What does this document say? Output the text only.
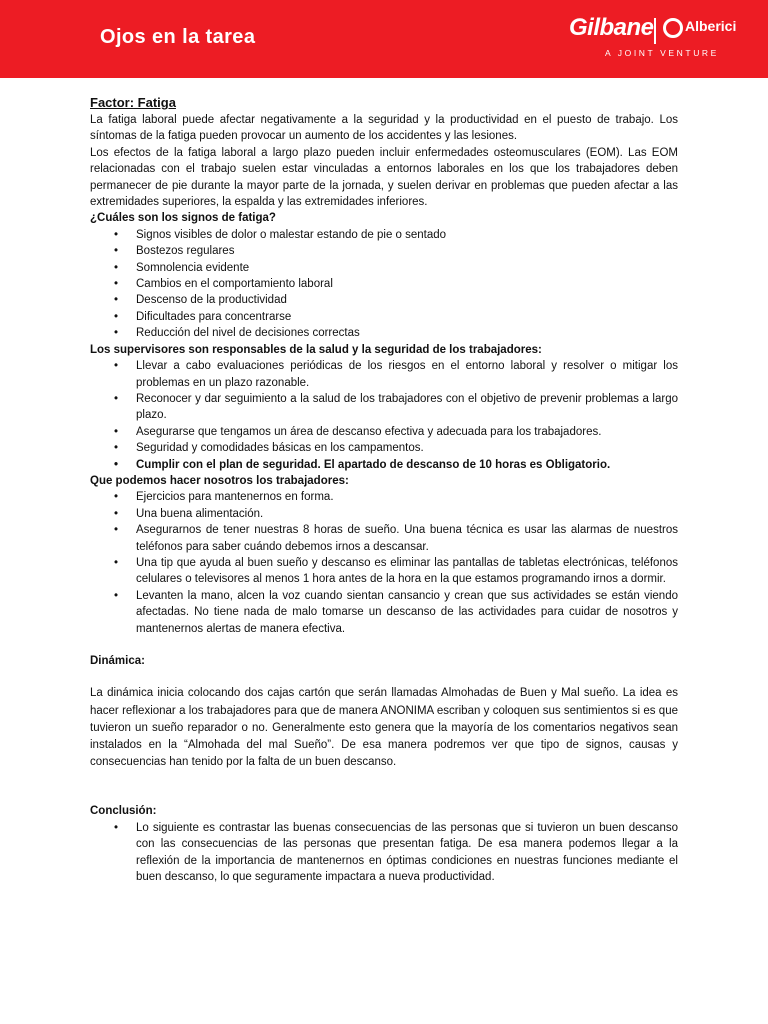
Ojos en la tarea	Gilbane Alberici
A JOINT VENTURE

Factor: Fatiga

La fatiga laboral puede afectar negativamente a la seguridad y la productividad en el puesto de trabajo. Los síntomas de la fatiga pueden provocar un aumento de los accidentes y las lesiones.

Los efectos de la fatiga laboral a largo plazo pueden incluir enfermedades osteomusculares (EOM). Las EOM relacionadas con el trabajo suelen estar vinculadas a entornos laborales en los que los trabajadores deben permanecer de pie durante la mayor parte de la jornada, y suelen derivar en problemas que pueden afectar a las extremidades superiores, la espalda y las extremidades inferiores.

¿Cuáles son los signos de fatiga?

• Signos visibles de dolor o malestar estando de pie o sentado
• Bostezos regulares
• Somnolencia evidente
• Cambios en el comportamiento laboral
• Descenso de la productividad
• Dificultades para concentrarse
• Reducción del nivel de decisiones correctas

Los supervisores son responsables de la salud y la seguridad de los trabajadores:

• Llevar a cabo evaluaciones periódicas de los riesgos en el entorno laboral y resolver o mitigar los problemas en un plazo razonable.
• Reconocer y dar seguimiento a la salud de los trabajadores con el objetivo de prevenir problemas a largo plazo.
• Asegurarse que tengamos un área de descanso efectiva y adecuada para los trabajadores.
• Seguridad y comodidades básicas en los campamentos.
• Cumplir con el plan de seguridad. El apartado de descanso de 10 horas es Obligatorio.

Que podemos hacer nosotros los trabajadores:

• Ejercicios para mantenernos en forma.
• Una buena alimentación.
• Asegurarnos de tener nuestras 8 horas de sueño. Una buena técnica es usar las alarmas de nuestros teléfonos para saber cuándo debemos irnos a descansar.
• Una tip que ayuda al buen sueño y descanso es eliminar las pantallas de tabletas electrónicas, teléfonos celulares o televisores al menos 1 hora antes de la hora en la que estamos programando irnos a dormir.
• Levanten la mano, alcen la voz cuando sientan cansancio y crean que sus actividades se están viendo afectadas. No tiene nada de malo tomarse un descanso de las actividades para cuidar de nosotros y mantenernos alertas de manera efectiva.

Dinámica:

La dinámica inicia colocando dos cajas cartón que serán llamadas Almohadas de Buen y Mal sueño. La idea es hacer reflexionar a los trabajadores para que de manera ANONIMA escriban y coloquen sus sentimientos si es que tuvieron un sueño reparador o no. Generalmente esto genera que la mayoría de los comentarios negativos sean instalados en la “Almohada del mal Sueño”. De esa manera podremos ver que tipo de signos, causas y consecuencias han tenido por la falta de un buen descanso.

Conclusión:

• Lo siguiente es contrastar las buenas consecuencias de las personas que si tuvieron un buen descanso con las consecuencias de las personas que presentan fatiga. De esa manera podemos llegar a la reflexión de la importancia de mantenernos en óptimas condiciones en nuestras funciones mediante el buen descanso, lo que seguramente impactara a nueva productividad.
